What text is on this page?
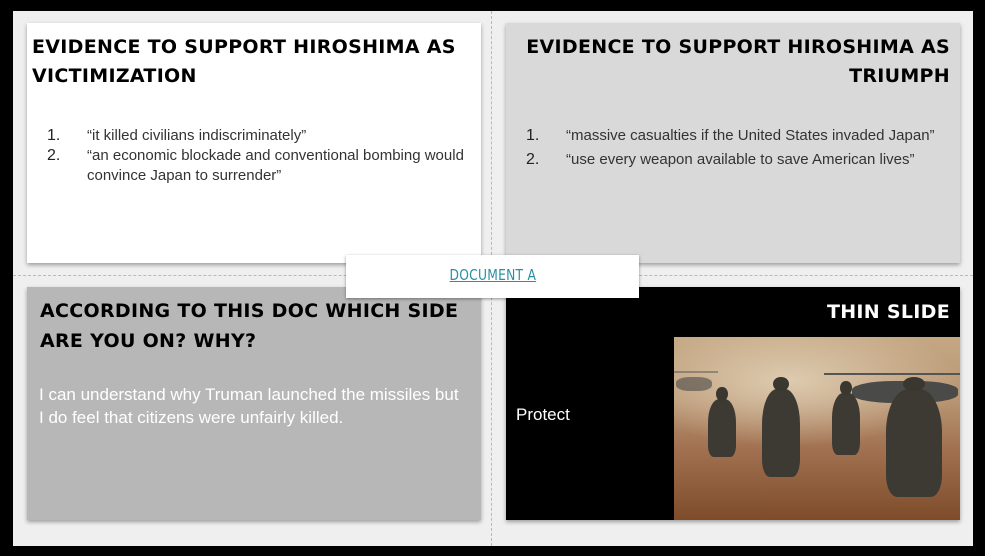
EVIDENCE TO SUPPORT HIROSHIMA AS VICTIMIZATION
1. “it killed civilians indiscriminately”
2. “an economic blockade and conventional bombing would convince Japan to surrender”
EVIDENCE TO SUPPORT HIROSHIMA AS
TRIUMPH
1. “massive casualties if the United States invaded Japan”
2. “use every weapon available to save American lives”
ACCORDING TO THIS DOC WHICH SIDE ARE YOU ON? WHY?
I can understand why Truman launched the missiles but I do feel that citizens were unfairly killed.
THIN SLIDE
Protect
DOCUMENT A
